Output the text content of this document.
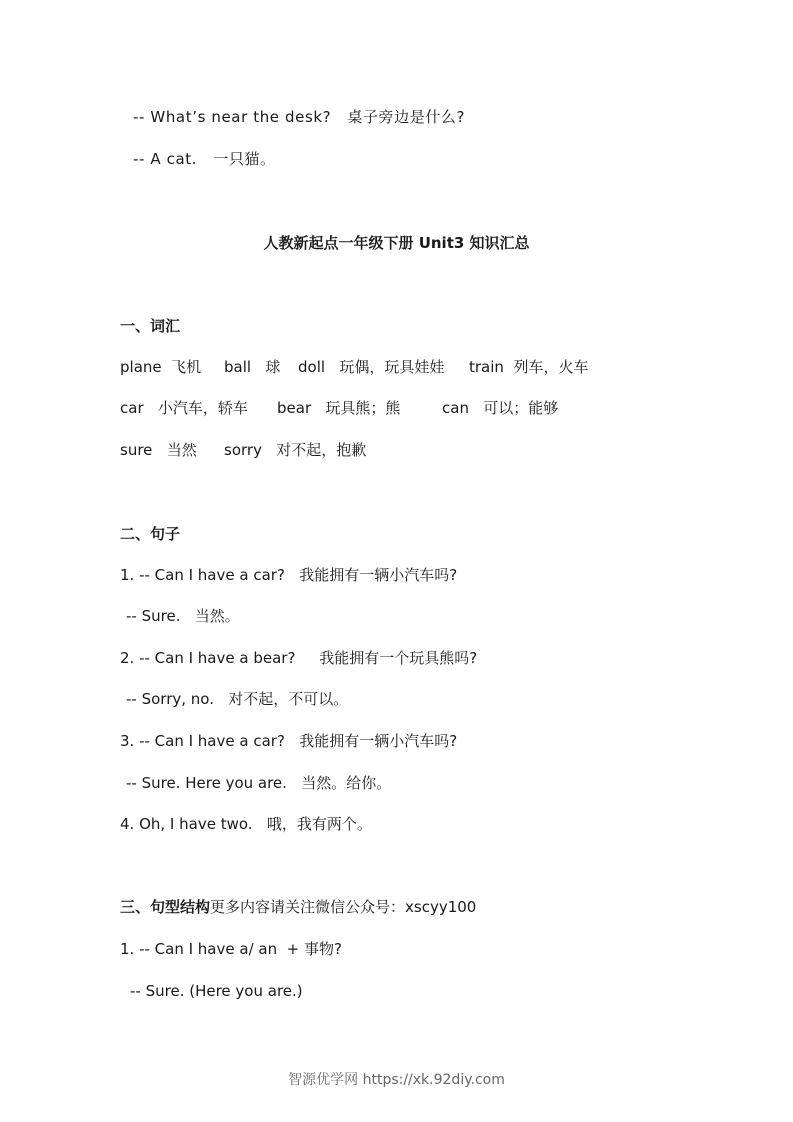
-- What’s near the desk?   桌子旁边是什么?
-- A cat.   一只猫。
人教新起点一年级下册 Unit3 知识汇总
一、词汇
plane  飞机 ball   球 doll   玩偶，玩具娃娃 train  列车，火车
car   小汽车，轿车 bear   玩具熊；熊	can   可以；能够
sure   当然 sorry   对不起，抱歉
二、句子
1. -- Can I have a car?   我能拥有一辆小汽车吗?
-- Sure.   当然。
2. -- Can I have a bear?     我能拥有一个玩具熊吗?
-- Sorry, no.   对不起，不可以。
3. -- Can I have a car?   我能拥有一辆小汽车吗?
-- Sure. Here you are.   当然。给你。
4. Oh, I have two.   哦，我有两个。
三、句型结构更多内容请关注微信公众号：xscyy100
1. -- Can I have a/ an  + 事物?
-- Sure. (Here you are.)
智源优学网 https://xk.92diy.com
